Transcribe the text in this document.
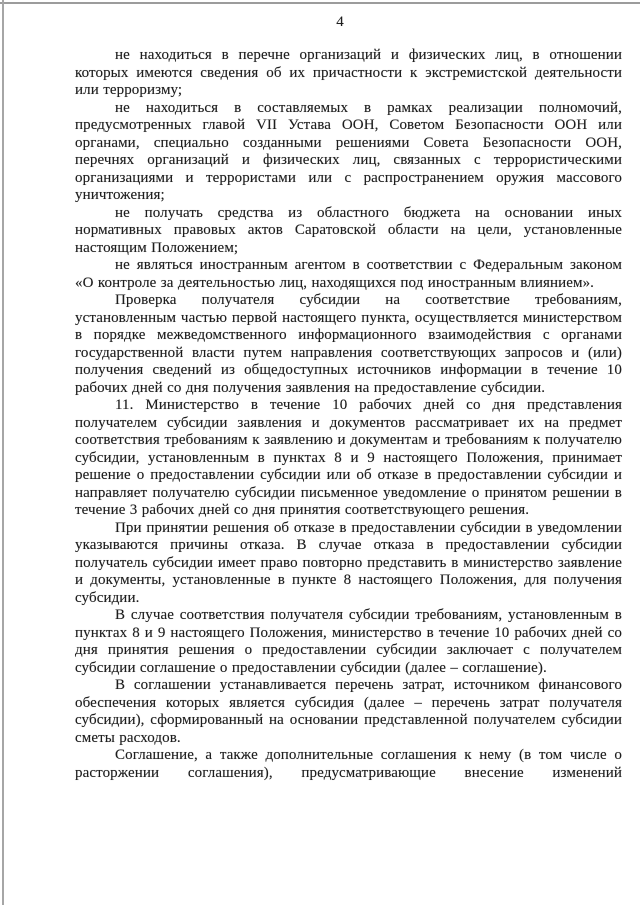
4

не находиться в перечне организаций и физических лиц, в отношении которых имеются сведения об их причастности к экстремистской деятельности или терроризму;

не находиться в составляемых в рамках реализации полномочий, предусмотренных главой VII Устава ООН, Советом Безопасности ООН или органами, специально созданными решениями Совета Безопасности ООН, перечнях организаций и физических лиц, связанных с террористическими организациями и террористами или с распространением оружия массового уничтожения;

не получать средства из областного бюджета на основании иных нормативных правовых актов Саратовской области на цели, установленные настоящим Положением;

не являться иностранным агентом в соответствии с Федеральным законом «О контроле за деятельностью лиц, находящихся под иностранным влиянием».

Проверка получателя субсидии на соответствие требованиям, установленным частью первой настоящего пункта, осуществляется министерством в порядке межведомственного информационного взаимодействия с органами государственной власти путем направления соответствующих запросов и (или) получения сведений из общедоступных источников информации в течение 10 рабочих дней со дня получения заявления на предоставление субсидии.

11. Министерство в течение 10 рабочих дней со дня представления получателем субсидии заявления и документов рассматривает их на предмет соответствия требованиям к заявлению и документам и требованиям к получателю субсидии, установленным в пунктах 8 и 9 настоящего Положения, принимает решение о предоставлении субсидии или об отказе в предоставлении субсидии и направляет получателю субсидии письменное уведомление о принятом решении в течение 3 рабочих дней со дня принятия соответствующего решения.

При принятии решения об отказе в предоставлении субсидии в уведомлении указываются причины отказа. В случае отказа в предоставлении субсидии получатель субсидии имеет право повторно представить в министерство заявление и документы, установленные в пункте 8 настоящего Положения, для получения субсидии.

В случае соответствия получателя субсидии требованиям, установленным в пунктах 8 и 9 настоящего Положения, министерство в течение 10 рабочих дней со дня принятия решения о предоставлении субсидии заключает с получателем субсидии соглашение о предоставлении субсидии (далее – соглашение).

В соглашении устанавливается перечень затрат, источником финансового обеспечения которых является субсидия (далее – перечень затрат получателя субсидии), сформированный на основании представленной получателем субсидии сметы расходов.

Соглашение, а также дополнительные соглашения к нему (в том числе о расторжении соглашения), предусматривающие внесение изменений
